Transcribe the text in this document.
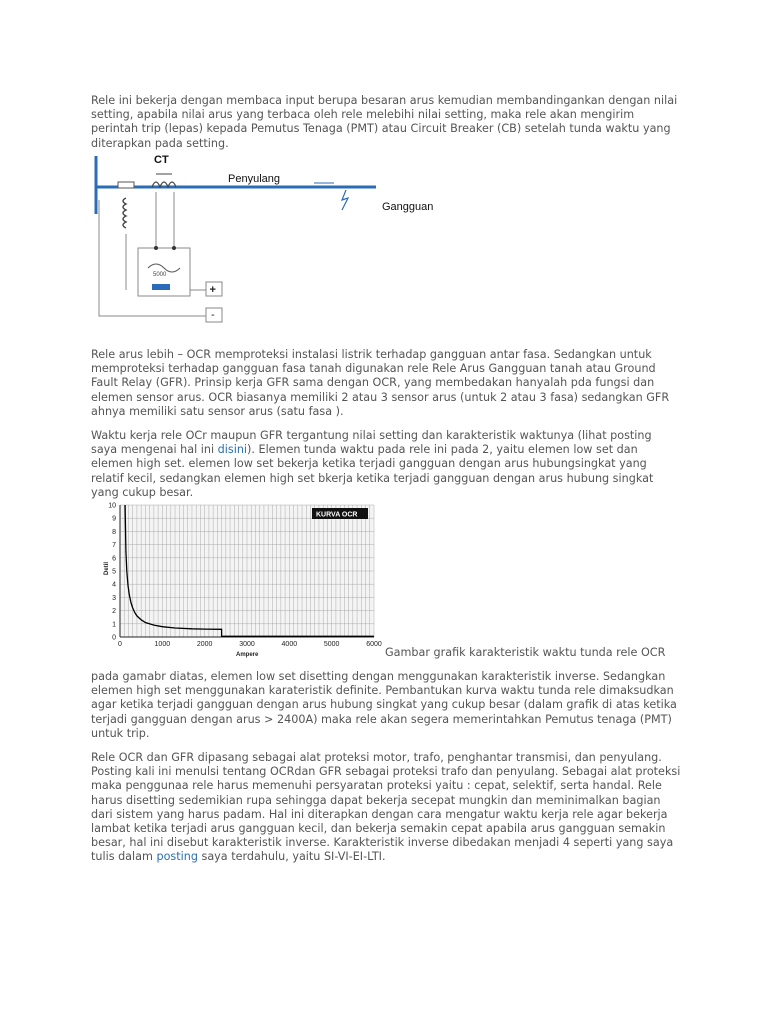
Rele ini bekerja dengan membaca input berupa besaran arus kemudian membandingankan dengan nilai setting, apabila nilai arus yang terbaca oleh rele melebihi nilai setting, maka rele akan mengirim perintah trip (lepas) kepada Pemutus Tenaga (PMT) atau Circuit Breaker (CB) setelah tunda waktu yang diterapkan pada setting.

5000
+
-
CT
Penyulang
Gangguan

Rele arus lebih – OCR memproteksi instalasi listrik terhadap gangguan antar fasa. Sedangkan untuk memproteksi terhadap gangguan fasa tanah digunakan rele Rele Arus Gangguan tanah atau Ground Fault Relay (GFR). Prinsip kerja GFR sama dengan OCR, yang membedakan hanyalah pda fungsi dan elemen sensor arus. OCR biasanya memiliki 2 atau 3 sensor arus (untuk 2 atau 3 fasa) sedangkan GFR ahnya memiliki satu sensor arus (satu fasa ).

Waktu kerja rele OCr maupun GFR tergantung nilai setting dan karakteristik waktunya (lihat posting saya mengenai hal ini disini). Elemen tunda waktu pada rele ini pada 2, yaitu elemen low set dan elemen high set. elemen low set bekerja ketika terjadi gangguan dengan arus hubungsingkat yang relatif kecil, sedangkan elemen high set bkerja ketika terjadi gangguan dengan arus hubung singkat yang cukup besar.

0
1
2
3
4
5
6
7
8
9
10
0	1000	2000	3000	4000	5000	6000
KURVA OCR
Ampere
Detil
Gambar grafik karakteristik waktu tunda rele OCR

pada gamabr diatas, elemen low set disetting dengan menggunakan karakteristik inverse. Sedangkan elemen high set menggunakan karateristik definite. Pembantukan kurva waktu tunda rele dimaksudkan agar ketika terjadi gangguan dengan arus hubung singkat yang cukup besar (dalam grafik di atas ketika terjadi gangguan dengan arus > 2400A) maka rele akan segera memerintahkan Pemutus tenaga (PMT) untuk trip.

Rele OCR dan GFR dipasang sebagai alat proteksi motor, trafo, penghantar transmisi, dan penyulang. Posting kali ini menulsi tentang OCRdan GFR sebagai proteksi trafo dan penyulang. Sebagai alat proteksi maka penggunaa rele harus memenuhi persyaratan proteksi yaitu : cepat, selektif, serta handal. Rele harus disetting sedemikian rupa sehingga dapat bekerja secepat mungkin dan meminimalkan bagian dari sistem yang harus padam. Hal ini diterapkan dengan cara mengatur waktu kerja rele agar bekerja lambat ketika terjadi arus gangguan kecil, dan bekerja semakin cepat apabila arus gangguan semakin besar, hal ini disebut karakteristik inverse. Karakteristik inverse dibedakan menjadi 4 seperti yang saya tulis dalam posting saya terdahulu, yaitu SI-VI-EI-LTI.
